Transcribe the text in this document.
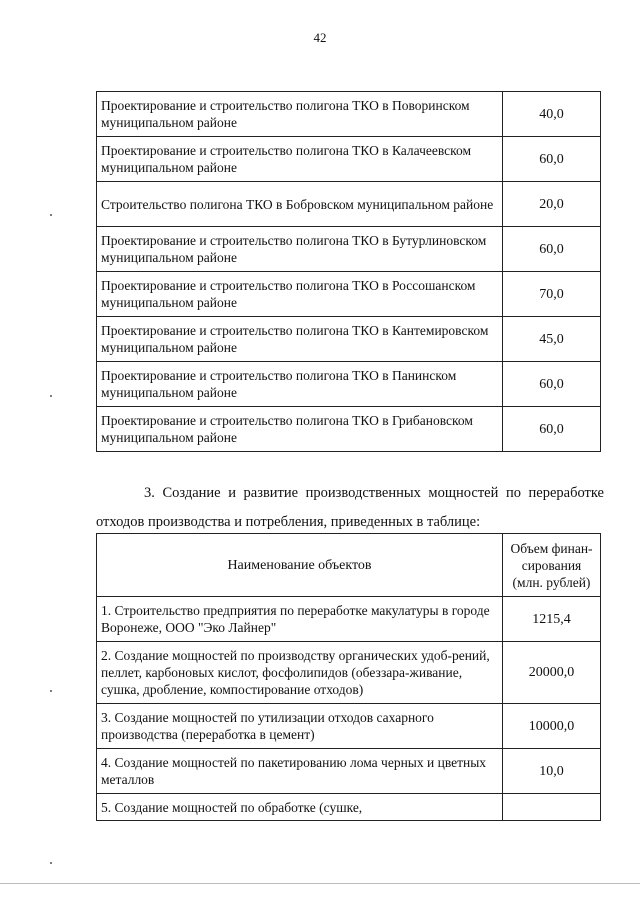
42
Проектирование и строительство полигона ТКО в Поворинском муниципальном районе	40,0
Проектирование и строительство полигона ТКО в Калачеевском муниципальном районе	60,0
Строительство полигона ТКО в Бобровском муниципальном районе	20,0
Проектирование и строительство полигона ТКО в Бутурлиновском муниципальном районе	60,0
Проектирование и строительство полигона ТКО в Россошанском муниципальном районе	70,0
Проектирование и строительство полигона ТКО в Кантемировском муниципальном районе	45,0
Проектирование и строительство полигона ТКО в Панинском муниципальном районе	60,0
Проектирование и строительство полигона ТКО в Грибановском муниципальном районе	60,0

3. Создание и развитие производственных мощностей по переработке отходов производства и потребления, приведенных в таблице:

Наименование объектов	Объем финан-сирования (млн. рублей)
1. Строительство предприятия по переработке макулатуры в городе Воронеже, ООО "Эко Лайнер"	1215,4
2. Создание мощностей по производству органических удоб-рений, пеллет, карбоновых кислот, фосфолипидов (обеззара-живание, сушка, дробление, компостирование отходов)	20000,0
3. Создание мощностей по утилизации отходов сахарного производства (переработка в цемент)	10000,0
4. Создание мощностей по пакетированию лома черных и цветных металлов	10,0
5. Создание мощностей по обработке (сушке,	
